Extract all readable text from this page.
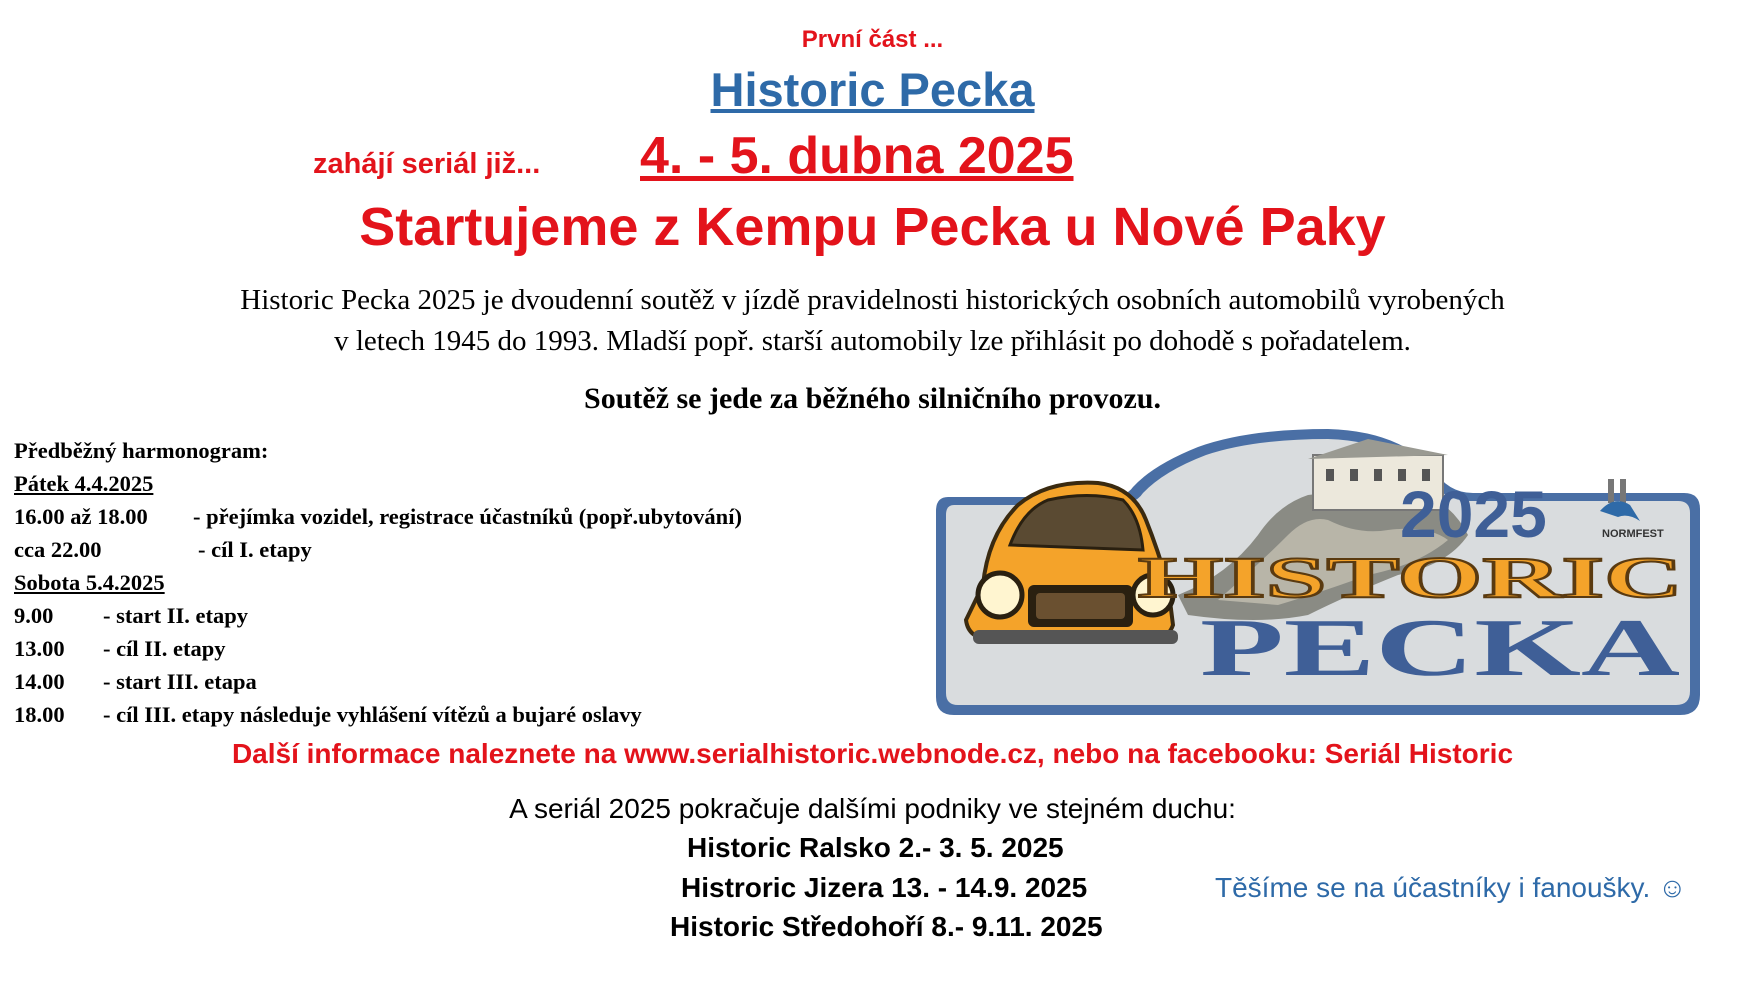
První část ...
Historic Pecka
zahájí seriál již... 4. - 5. dubna 2025
Startujeme z Kempu Pecka u Nové Paky
Historic Pecka 2025 je dvoudenní soutěž v jízdě pravidelnosti historických osobních automobilů vyrobených
v letech 1945 do 1993. Mladší popř. starší automobily lze přihlásit po dohodě s pořadatelem.
Soutěž se jede za běžného silničního provozu.
Předběžný harmonogram:
Pátek 4.4.2025
16.00 až 18.00 - přejímka vozidel, registrace účastníků (popř.ubytování)
cca 22.00	- cíl I. etapy
Sobota 5.4.2025
9.00 - start II. etapy
13.00 - cíl II. etapy
14.00 - start III. etapa
18.00 - cíl III. etapy následuje vyhlášení vítězů a bujaré oslavy
2025	NORMFEST
HISTORIC
PECKA
Další informace naleznete na www.serialhistoric.webnode.cz, nebo na facebooku: Seriál Historic
A seriál 2025 pokračuje dalšími podniky ve stejném duchu:
Historic Ralsko 2.- 3. 5. 2025
Histroric Jizera 13. - 14.9. 2025
Historic Středohoří 8.- 9.11. 2025
Těšíme se na účastníky i fanoušky. ☺
